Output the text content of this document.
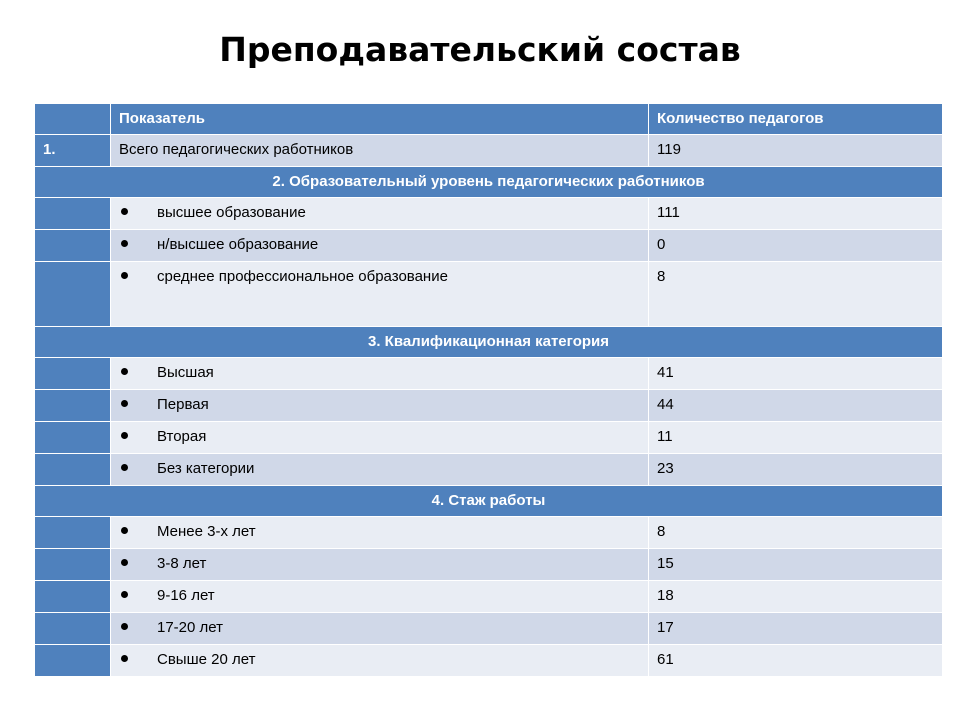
Преподавательский состав
	Показатель	Количество педагогов
1.	Всего педагогических работников	119
2. Образовательный уровень педагогических работников		
	высшее образование	111
	н/высшее образование	0
	среднее профессиональное образование	8
3. Квалификационная категория		
	Высшая	41
	Первая	44
	Вторая	11
	Без категории	23
4. Стаж работы		
	Менее 3-х лет	8
	3-8 лет	15
	9-16 лет	18
	17-20 лет	17
	Свыше 20 лет	61
